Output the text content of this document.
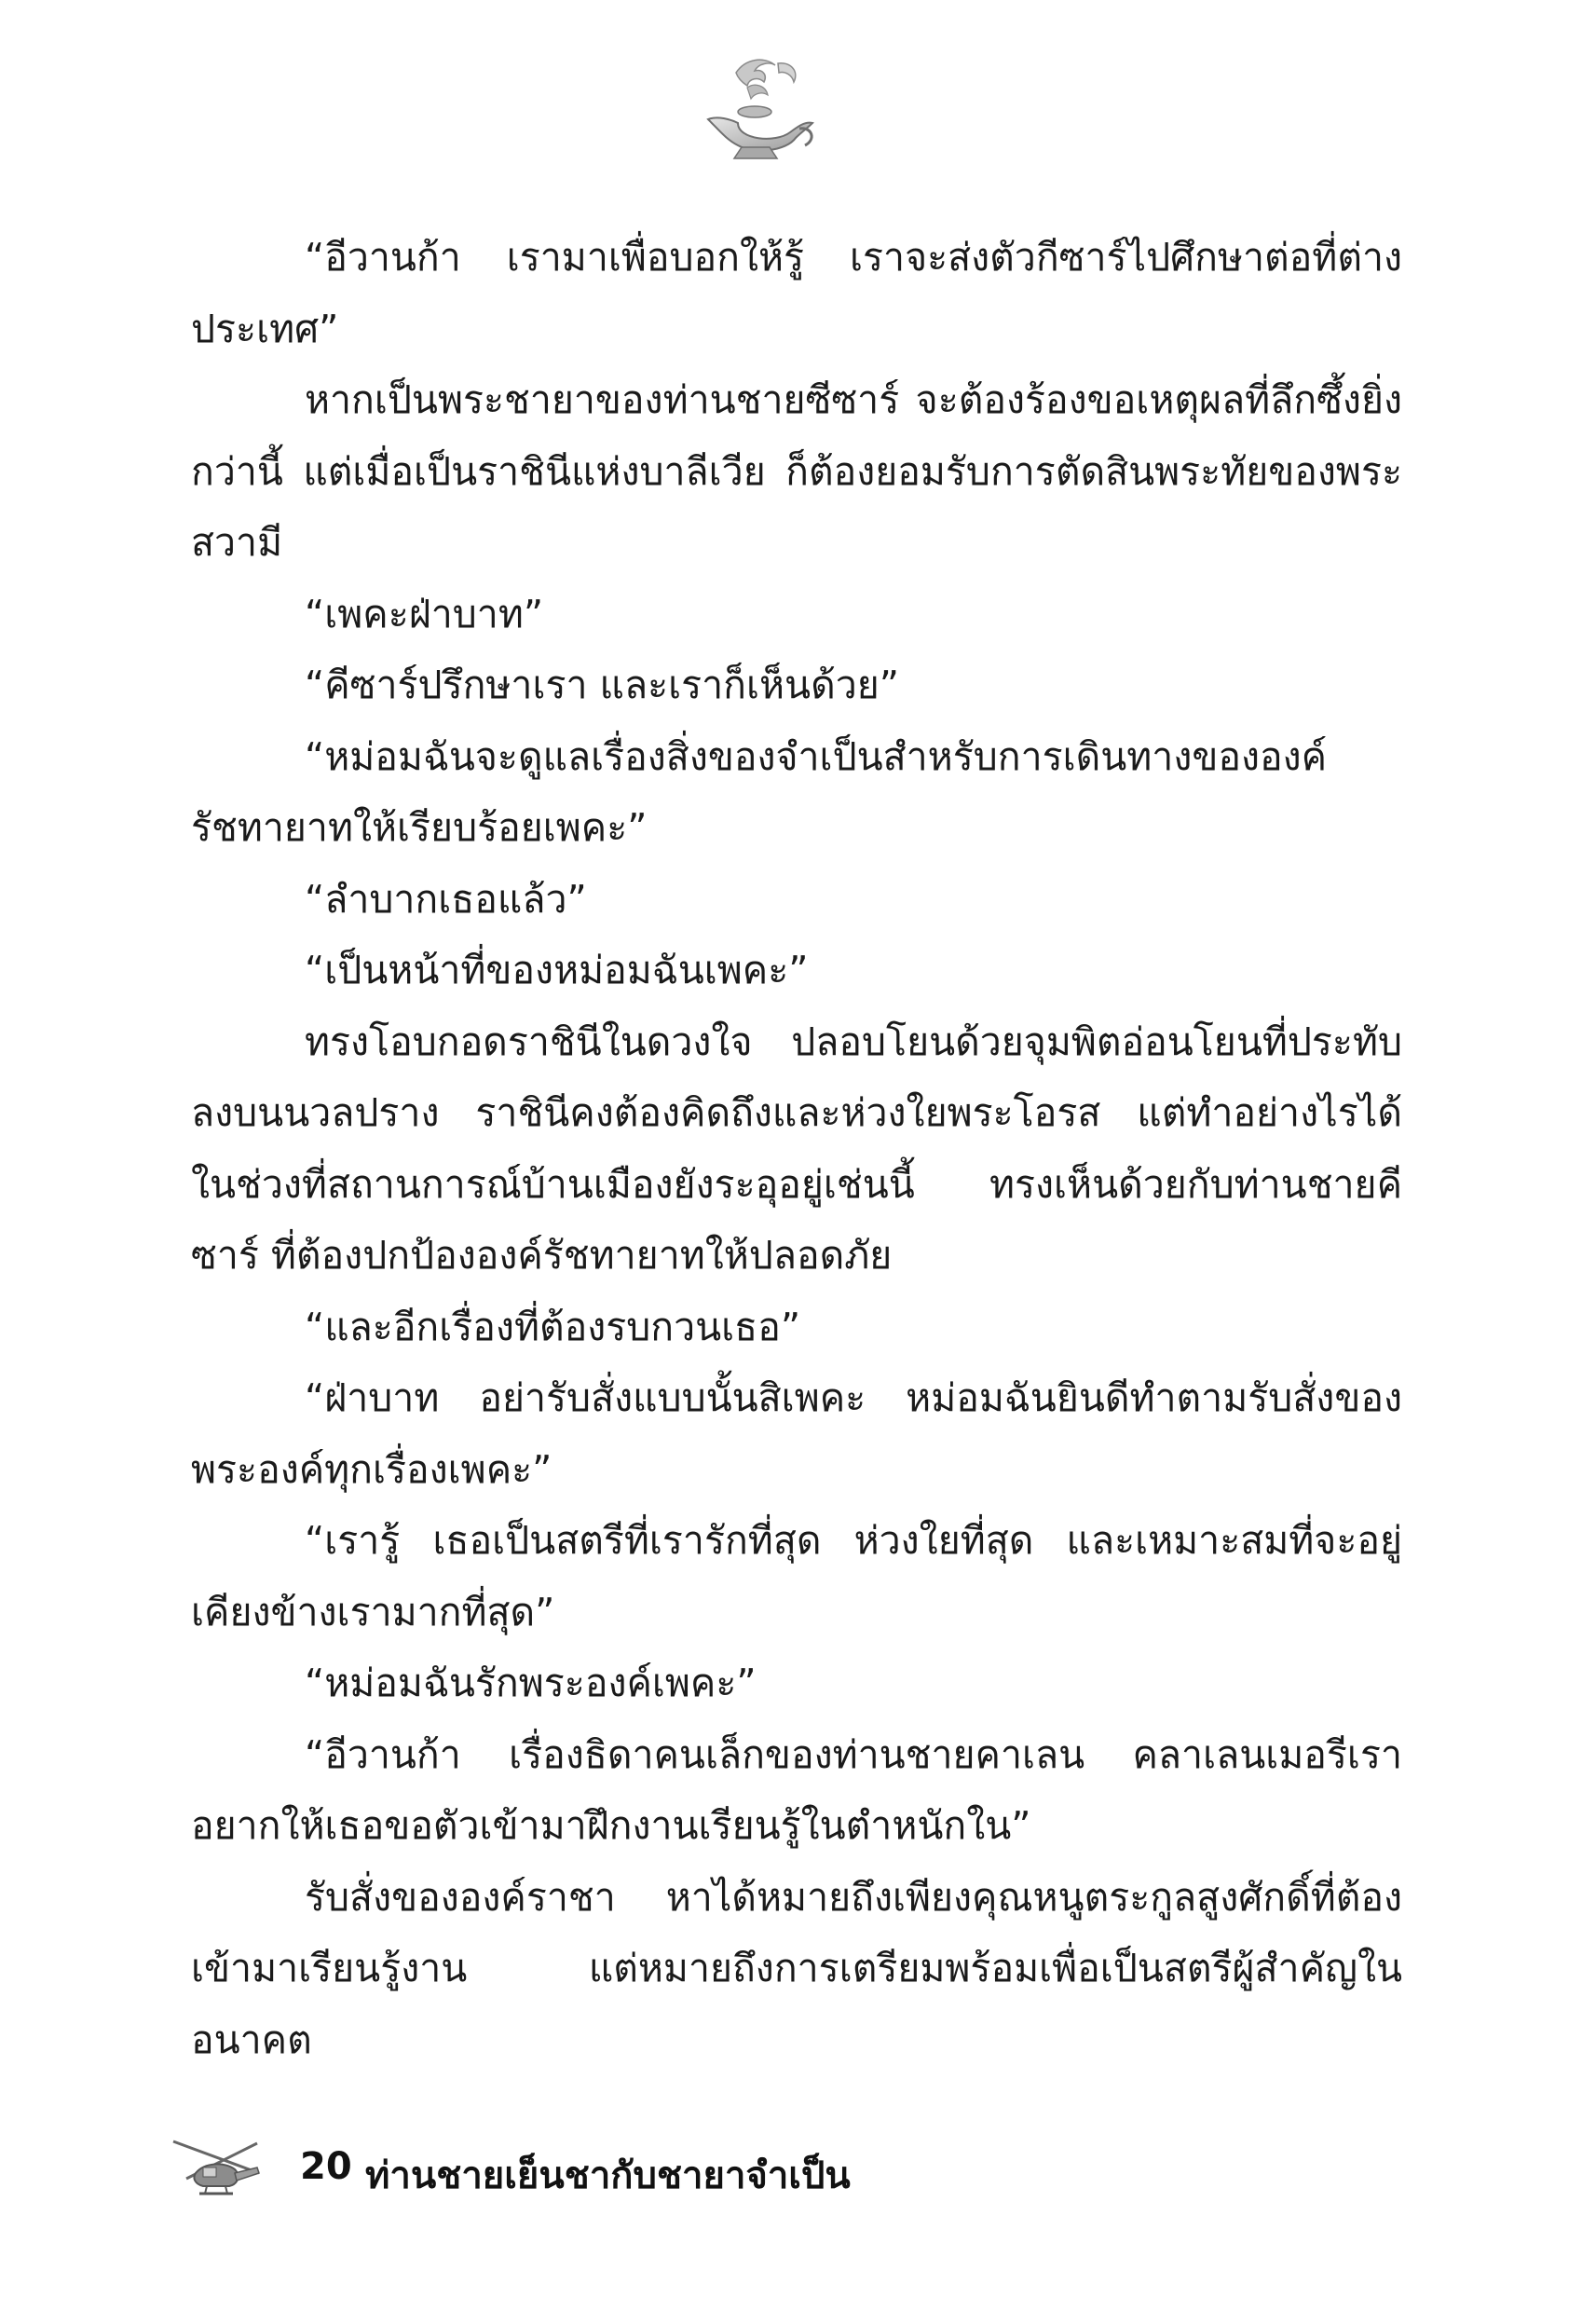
“อีวานก้า เรามาเพื่อบอกให้รู้ เราจะส่งตัวกีซาร์ไปศึกษาต่อที่ต่างประเทศ”

หากเป็นพระชายาของท่านชายซีซาร์ จะต้องร้องขอเหตุผลที่ลึกซึ้งยิ่งกว่านี้ แต่เมื่อเป็นราชินีแห่งบาลีเวีย ก็ต้องยอมรับการตัดสินพระทัยของพระสวามี

“เพคะฝ่าบาท”

“คีซาร์ปรึกษาเรา และเราก็เห็นด้วย”

“หม่อมฉันจะดูแลเรื่องสิ่งของจำเป็นสำหรับการเดินทางขององค์รัชทายาทให้เรียบร้อยเพคะ”

“ลำบากเธอแล้ว”

“เป็นหน้าที่ของหม่อมฉันเพคะ”

ทรงโอบกอดราชินีในดวงใจ ปลอบโยนด้วยจุมพิตอ่อนโยนที่ประทับลงบนนวลปราง ราชินีคงต้องคิดถึงและห่วงใยพระโอรส แต่ทำอย่างไรได้ ในช่วงที่สถานการณ์บ้านเมืองยังระอุอยู่เช่นนี้ ทรงเห็นด้วยกับท่านชายคีซาร์ ที่ต้องปกป้ององค์รัชทายาทให้ปลอดภัย

“และอีกเรื่องที่ต้องรบกวนเธอ”

“ฝ่าบาท อย่ารับสั่งแบบนั้นสิเพคะ หม่อมฉันยินดีทำตามรับสั่งของพระองค์ทุกเรื่องเพคะ”

“เรารู้ เธอเป็นสตรีที่เรารักที่สุด ห่วงใยที่สุด และเหมาะสมที่จะอยู่เคียงข้างเรามากที่สุด”

“หม่อมฉันรักพระองค์เพคะ”

“อีวานก้า เรื่องธิดาคนเล็กของท่านชายคาเลน คลาเลนเมอรีเราอยากให้เธอขอตัวเข้ามาฝึกงานเรียนรู้ในตำหนักใน”

รับสั่งขององค์ราชา หาได้หมายถึงเพียงคุณหนูตระกูลสูงศักดิ์ที่ต้องเข้ามาเรียนรู้งาน แต่หมายถึงการเตรียมพร้อมเพื่อเป็นสตรีผู้สำคัญในอนาคต

20 ท่านชายเย็นชากับชายาจำเป็น
